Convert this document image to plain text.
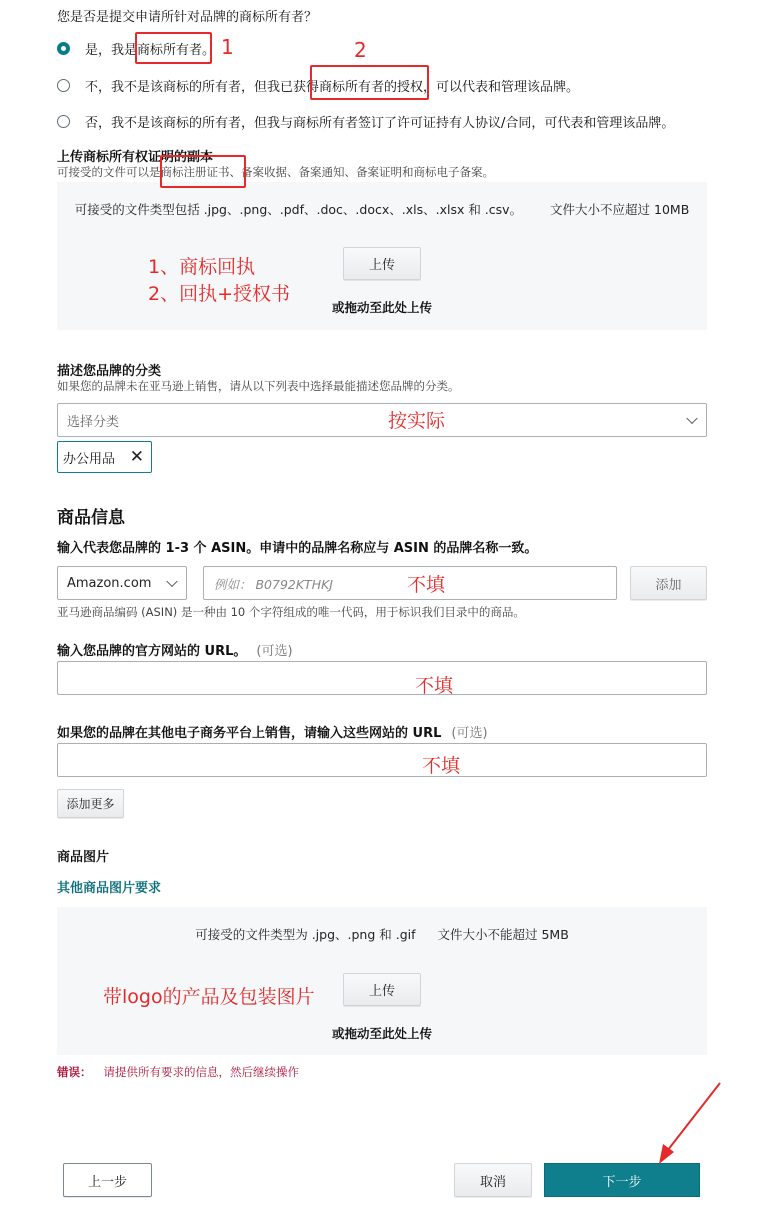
您是否是提交申请所针对品牌的商标所有者？
是，我是商标所有者。
不，我不是该商标的所有者，但我已获得商标所有者的授权，可以代表和管理该品牌。
否，我不是该商标的所有者，但我与商标所有者签订了许可证持有人协议/合同，可代表和管理该品牌。
上传商标所有权证明的副本
可接受的文件可以是商标注册证书、备案收据、备案通知、备案证明和商标电子备案。
可接受的文件类型包括 .jpg、.png、.pdf、.doc、.docx、.xls、.xlsx 和 .csv。 文件大小不应超过 10MB
上传
或拖动至此处上传
描述您品牌的分类
如果您的品牌未在亚马逊上销售，请从以下列表中选择最能描述您品牌的分类。
选择分类
办公用品 ✕
商品信息
输入代表您品牌的 1-3 个 ASIN。申请中的品牌名称应与 ASIN 的品牌名称一致。
Amazon.com	例如： B0792KTHKJ	添加
亚马逊商品编码 (ASIN) 是一种由 10 个字符组成的唯一代码，用于标识我们目录中的商品。
输入您品牌的官方网站的 URL。 (可选)
如果您的品牌在其他电子商务平台上销售，请输入这些网站的 URL (可选)
添加更多
商品图片
其他商品图片要求
可接受的文件类型为 .jpg、.png 和 .gif 文件大小不能超过 5MB
上传
或拖动至此处上传
错误： 请提供所有要求的信息，然后继续操作
上一步	取消	下一步
1	2
1、商标回执
2、回执+授权书
按实际
不填
不填
不填
带logo的产品及包装图片
